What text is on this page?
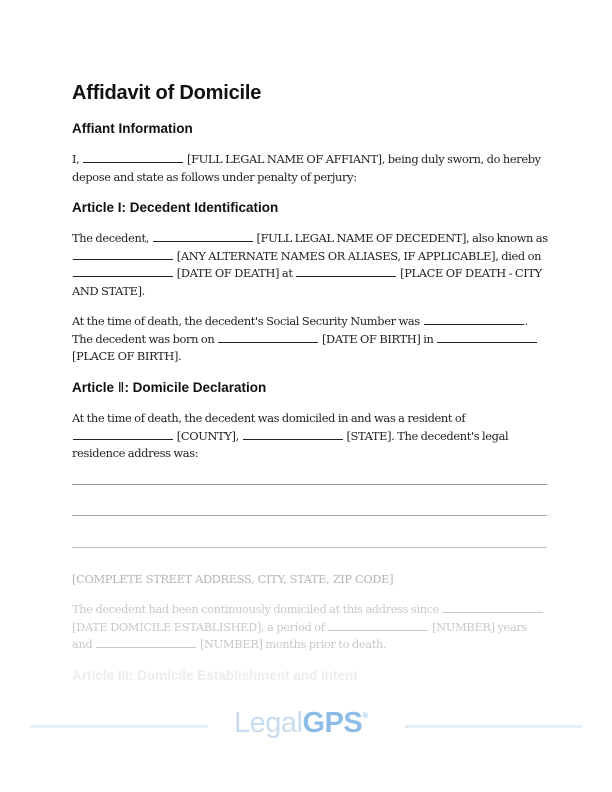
Affidavit of Domicile
Affiant Information

I,	[FULL LEGAL NAME OF AFFIANT], being duly sworn, do hereby depose and state as follows under penalty of perjury:

Article I: Decedent Identification

The decedent,	[FULL LEGAL NAME OF DECEDENT], also known as  [ANY ALTERNATE NAMES OR ALIASES, IF APPLICABLE], died on  [DATE OF DEATH] at	[PLACE OF DEATH - CITY AND STATE].

At the time of death, the decedent's Social Security Number was	. The decedent was born on	[DATE OF BIRTH] in  [PLACE OF BIRTH].

Article Ⅱ: Domicile Declaration

At the time of death, the decedent was domiciled in and was a resident of  [COUNTY],	[STATE]. The decedent's legal residence address was:

[COMPLETE STREET ADDRESS, CITY, STATE, ZIP CODE]

The decedent had been continuously domiciled at this address since  [DATE DOMICILE ESTABLISHED], a period of	[NUMBER] years and	[NUMBER] months prior to death.

Article III: Domicile Establishment and Intent
LegalGPS®
